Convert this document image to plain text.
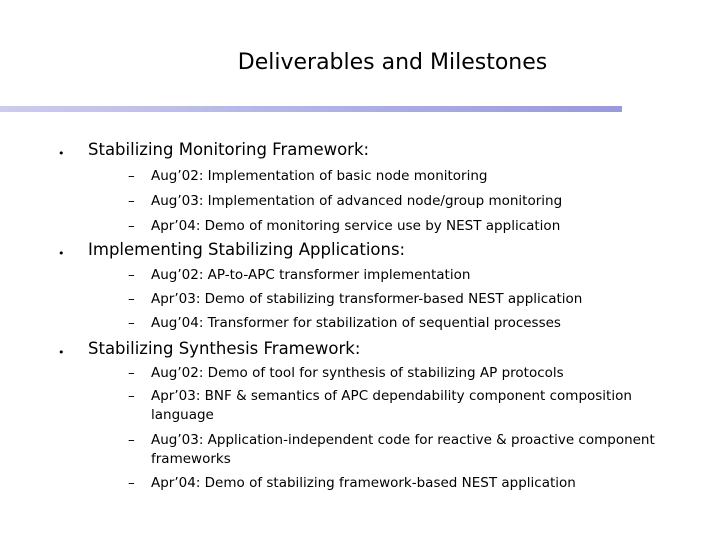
Deliverables and Milestones
• Stabilizing Monitoring Framework:
– Aug’02: Implementation of basic node monitoring
– Aug’03: Implementation of advanced node/group monitoring
– Apr’04: Demo of monitoring service use by NEST application
• Implementing Stabilizing Applications:
– Aug’02: AP-to-APC transformer implementation
– Apr’03: Demo of stabilizing transformer-based NEST application
– Aug’04: Transformer for stabilization of sequential processes
• Stabilizing Synthesis Framework:
– Aug’02: Demo of tool for synthesis of stabilizing AP protocols
– Apr’03: BNF & semantics of APC dependability component composition
language
– Aug’03: Application-independent code for reactive & proactive component
frameworks
– Apr’04: Demo of stabilizing framework-based NEST application
